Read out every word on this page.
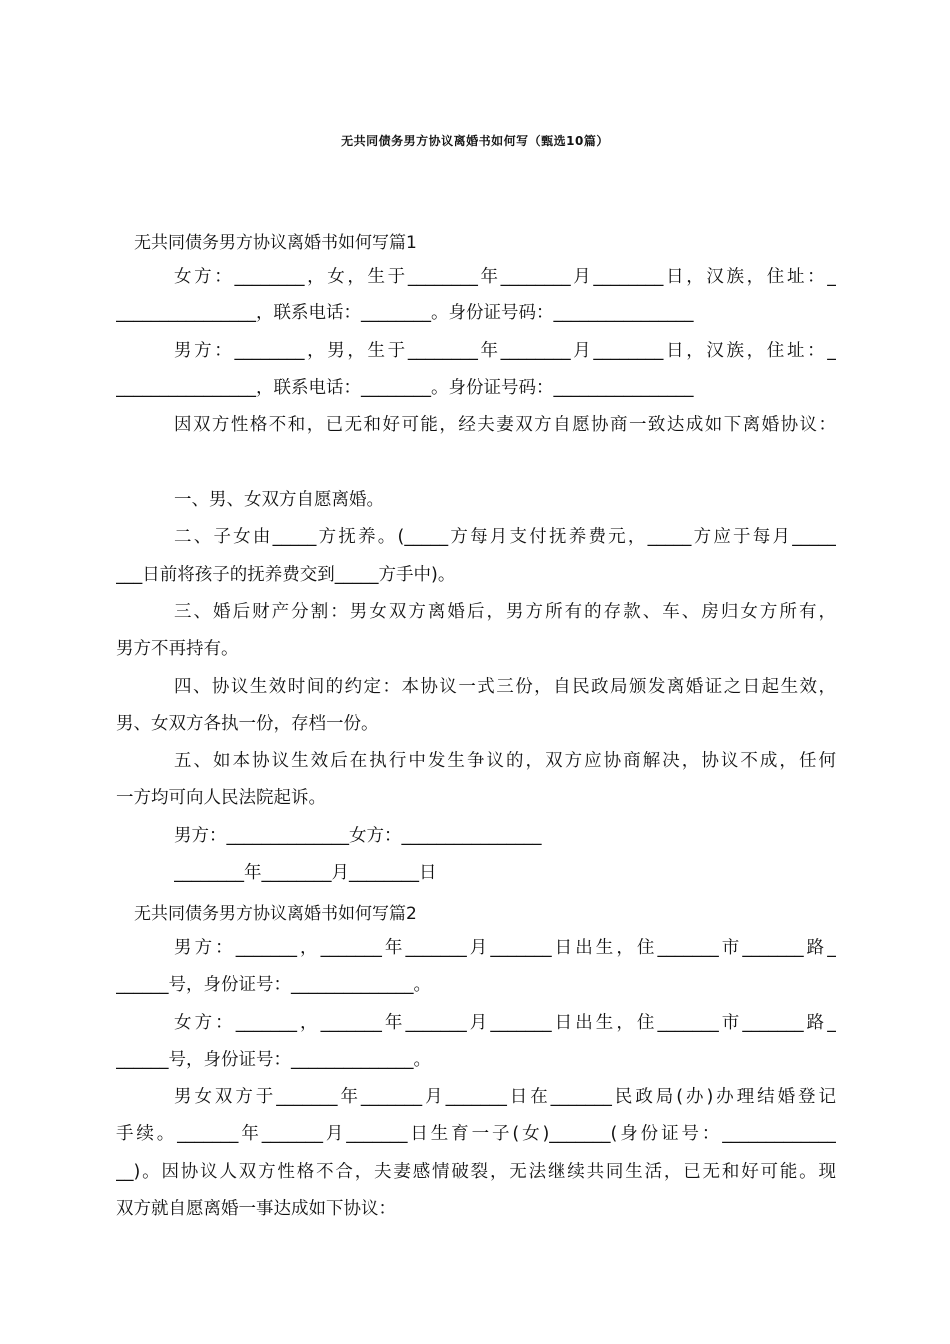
无共同债务男方协议离婚书如何写（甄选10篇）
无共同债务男方协议离婚书如何写篇1
女方：________，女，生于________年________月________日，汉族，住址：_
________________，联系电话：________。身份证号码：________________
男方：________，男，生于________年________月________日，汉族，住址：_
________________，联系电话：________。身份证号码：________________
因双方性格不和，已无和好可能，经夫妻双方自愿协商一致达成如下离婚协议：
一、男、女双方自愿离婚。
二、子女由_____方抚养。(_____方每月支付抚养费元，_____方应于每月_____
___日前将孩子的抚养费交到_____方手中)。
三、婚后财产分割：男女双方离婚后，男方所有的存款、车、房归女方所有，
男方不再持有。
四、协议生效时间的约定：本协议一式三份，自民政局颁发离婚证之日起生效，
男、女双方各执一份，存档一份。
五、如本协议生效后在执行中发生争议的，双方应协商解决，协议不成，任何
一方均可向人民法院起诉。
男方：______________女方：________________
________年________月________日
无共同债务男方协议离婚书如何写篇2
男方：_______，_______年_______月_______日出生，住_______市_______路_
______号，身份证号：______________。
女方：_______，_______年_______月_______日出生，住_______市_______路_
______号，身份证号：______________。
男女双方于_______年_______月_______日在_______民政局(办)办理结婚登记
手续。_______年_______月_______日生育一子(女)_______(身份证号：_____________
__)。因协议人双方性格不合，夫妻感情破裂，无法继续共同生活，已无和好可能。现
双方就自愿离婚一事达成如下协议：
